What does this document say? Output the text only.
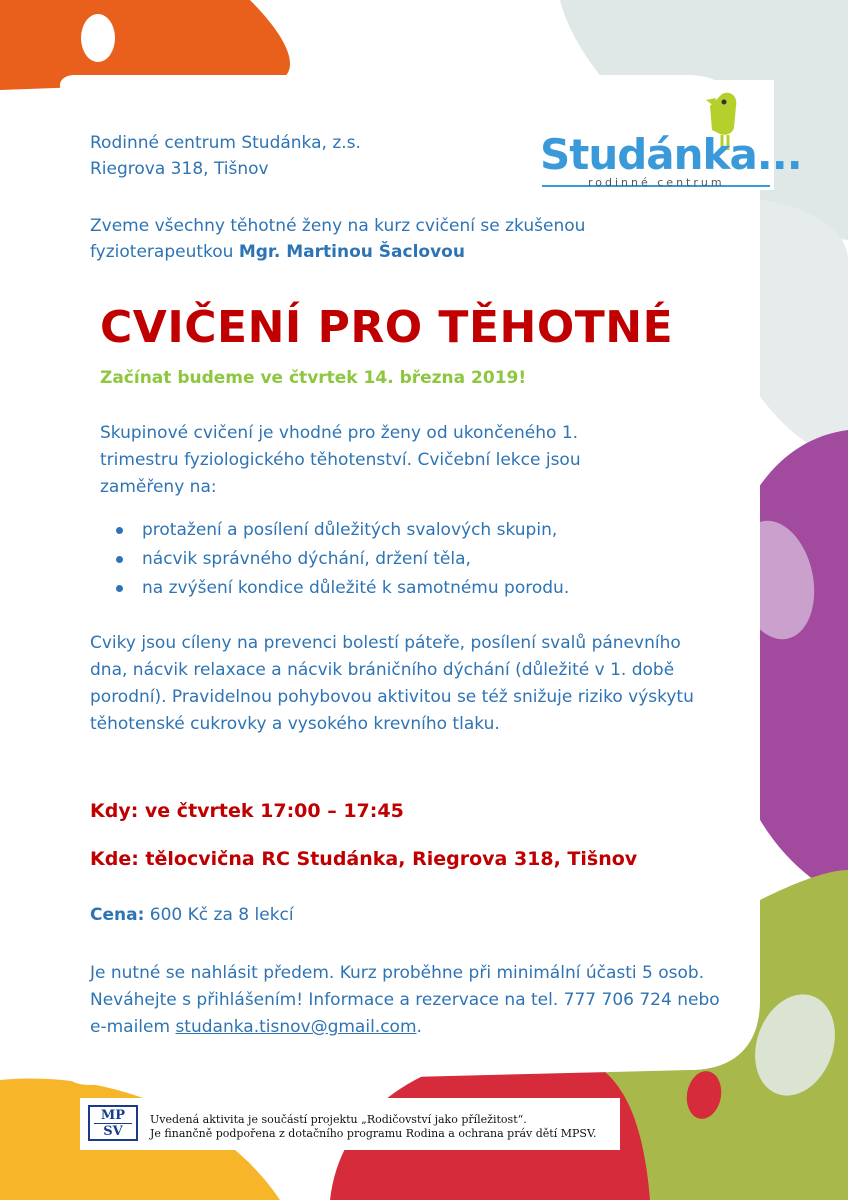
Studánka...
rodinné centrum
Rodinné centrum Studánka, z.s.
Riegrova 318, Tišnov
Zveme všechny těhotné ženy na kurz cvičení se zkušenou fyzioterapeutkou Mgr. Martinou Šaclovou
CVIČENÍ PRO TĚHOTNÉ
Začínat budeme ve čtvrtek 14. března 2019!
Skupinové cvičení je vhodné pro ženy od ukončeného 1. trimestru fyziologického těhotenství. Cvičební lekce jsou zaměřeny na:
protažení a posílení důležitých svalových skupin,
nácvik správného dýchání, držení těla,
na zvýšení kondice důležité k samotnému porodu.
Cviky jsou cíleny na prevenci bolestí páteře, posílení svalů pánevního dna, nácvik relaxace a nácvik bráničního dýchání (důležité v 1. době porodní). Pravidelnou pohybovou aktivitou se též snižuje riziko výskytu těhotenské cukrovky a vysokého krevního tlaku.
Kdy: ve čtvrtek 17:00 – 17:45
Kde: tělocvična RC Studánka, Riegrova 318, Tišnov
Cena: 600 Kč za 8 lekcí
Je nutné se nahlásit předem. Kurz proběhne při minimální účasti 5 osob. Neváhejte s přihlášením! Informace a rezervace na tel. 777 706 724 nebo e-mailem studanka.tisnov@gmail.com.
MP
SV
Uvedená aktivita je součástí projektu „Rodičovství jako příležitost“.
Je finančně podpořena z dotačního programu Rodina a ochrana práv dětí MPSV.
